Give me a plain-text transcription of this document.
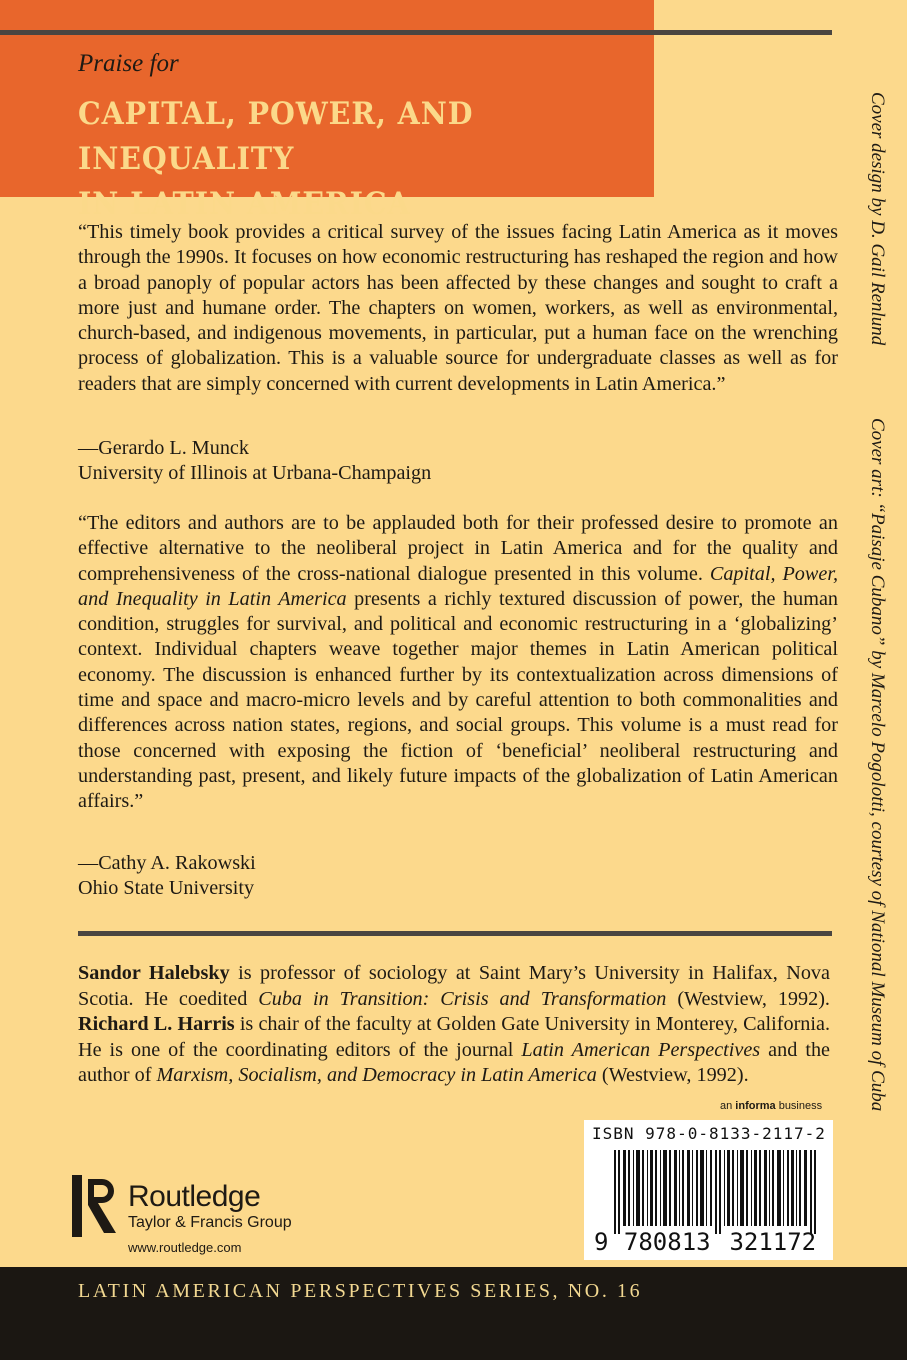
Praise for
CAPITAL, POWER, AND INEQUALITY
IN LATIN AMERICA

“This timely book provides a critical survey of the issues facing Latin America as it moves through the 1990s. It focuses on how economic restructuring has reshaped the region and how a broad panoply of popular actors has been affected by these changes and sought to craft a more just and humane order. The chapters on women, workers, as well as environmental, church-based, and indigenous movements, in particular, put a human face on the wrenching process of globalization. This is a valuable source for undergraduate classes as well as for readers that are simply concerned with current developments in Latin America.”

—Gerardo L. Munck
University of Illinois at Urbana-Champaign

“The editors and authors are to be applauded both for their professed desire to promote an effective alternative to the neoliberal project in Latin America and for the quality and comprehensiveness of the cross-national dialogue presented in this volume. Capital, Power, and Inequality in Latin America presents a richly textured discussion of power, the human condition, struggles for survival, and political and economic restructuring in a ‘globalizing’ context. Individual chapters weave together major themes in Latin American political economy. The discussion is enhanced further by its contextualization across dimensions of time and space and macro-micro levels and by careful attention to both commonalities and differences across nation states, regions, and social groups. This volume is a must read for those concerned with exposing the fiction of ‘beneficial’ neoliberal restructuring and understanding past, present, and likely future impacts of the globalization of Latin American affairs.”

—Cathy A. Rakowski
Ohio State University

Sandor Halebsky is professor of sociology at Saint Mary’s University in Halifax, Nova Scotia. He coedited Cuba in Transition: Crisis and Transformation (Westview, 1992). Richard L. Harris is chair of the faculty at Golden Gate University in Monterey, California. He is one of the coordinating editors of the journal Latin American Perspectives and the author of Marxism, Socialism, and Democracy in Latin America (Westview, 1992).

Cover design by D. Gail Renlund
Cover art: “Paisaje Cubano” by Marcelo Pogolotti, courtesy of National Museum of Cuba
an informa business
ISBN 978-0-8133-2117-2
9 780813 321172
Routledge
Taylor & Francis Group
www.routledge.com
LATIN AMERICAN PERSPECTIVES SERIES, NO. 16
